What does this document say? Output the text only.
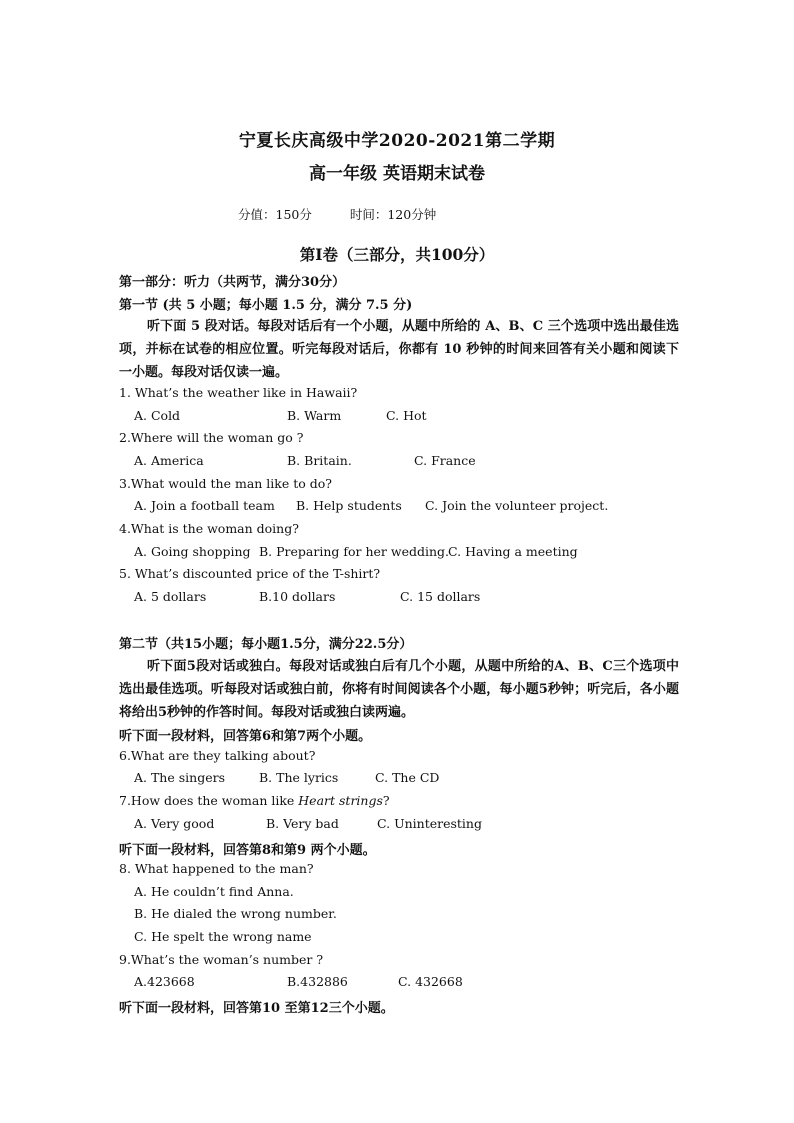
宁夏长庆高级中学2020-2021第二学期
高一年级 英语期末试卷
分值：150分	时间：120分钟
第Ⅰ卷（三部分，共100分）
第一部分：听力（共两节，满分30分）
第一节 (共 5 小题；每小题 1.5 分，满分 7.5 分)
听下面 5 段对话。每段对话后有一个小题，从题中所给的 A、B、C 三个选项中选出最佳选项，并标在试卷的相应位置。听完每段对话后，你都有 10 秒钟的时间来回答有关小题和阅读下一小题。每段对话仅读一遍。
1. What’s the weather like in Hawaii?
A. Cold	B. Warm	C. Hot
2.Where will the woman go ?
A. America	B. Britain.	C. France
3.What would the man like to do?
A. Join a football team B. Help students C. Join the volunteer project.
4.What is the woman doing?
A. Going shopping B. Preparing for her wedding. C. Having a meeting
5. What’s discounted price of the T-shirt?
A. 5 dollars	B.10 dollars	C. 15 dollars
第二节（共15小题；每小题1.5分，满分22.5分）
听下面5段对话或独白。每段对话或独白后有几个小题，从题中所给的A、B、C三个选项中选出最佳选项。听每段对话或独白前，你将有时间阅读各个小题，每小题5秒钟；听完后，各小题将给出5秒钟的作答时间。每段对话或独白读两遍。
听下面一段材料，回答第6和第7两个小题。
6.What are they talking about?
A. The singers	B. The lyrics	C. The CD
7.How does the woman like Heart strings?
A. Very good	B. Very bad	C. Uninteresting
听下面一段材料，回答第8和第9 两个小题。
8. What happened to the man?
A. He couldn’t find Anna.
B. He dialed the wrong number.
C. He spelt the wrong name
9.What’s the woman’s number ?
A.423668	B.432886	C. 432668
听下面一段材料，回答第10 至第12三个小题。
